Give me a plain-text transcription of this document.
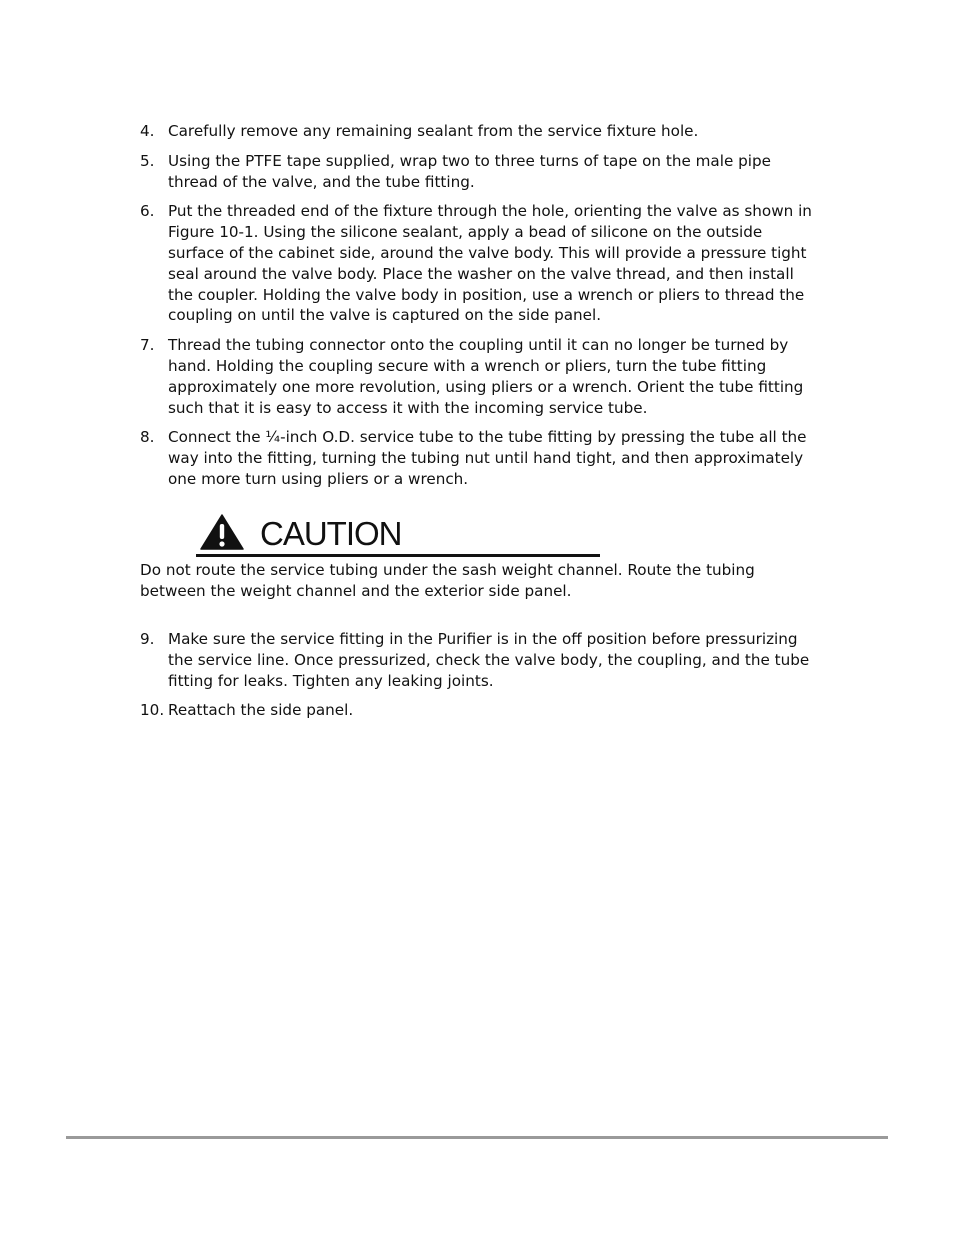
4. Carefully remove any remaining sealant from the service fixture hole.
5. Using the PTFE tape supplied, wrap two to three turns of tape on the male pipe thread of the valve, and the tube fitting.
6. Put the threaded end of the fixture through the hole, orienting the valve as shown in Figure 10-1. Using the silicone sealant, apply a bead of silicone on the outside surface of the cabinet side, around the valve body. This will provide a pressure tight seal around the valve body. Place the washer on the valve thread, and then install the coupler. Holding the valve body in position, use a wrench or pliers to thread the coupling on until the valve is captured on the side panel.
7. Thread the tubing connector onto the coupling until it can no longer be turned by hand. Holding the coupling secure with a wrench or pliers, turn the tube fitting approximately one more revolution, using pliers or a wrench. Orient the tube fitting such that it is easy to access it with the incoming service tube.
8. Connect the ¼-inch O.D. service tube to the tube fitting by pressing the tube all the way into the fitting, turning the tubing nut until hand tight, and then approximately one more turn using pliers or a wrench.
CAUTION

Do not route the service tubing under the sash weight channel. Route the tubing between the weight channel and the exterior side panel.

9. Make sure the service fitting in the Purifier is in the off position before pressurizing the service line. Once pressurized, check the valve body, the coupling, and the tube fitting for leaks. Tighten any leaking joints.
10. Reattach the side panel.
